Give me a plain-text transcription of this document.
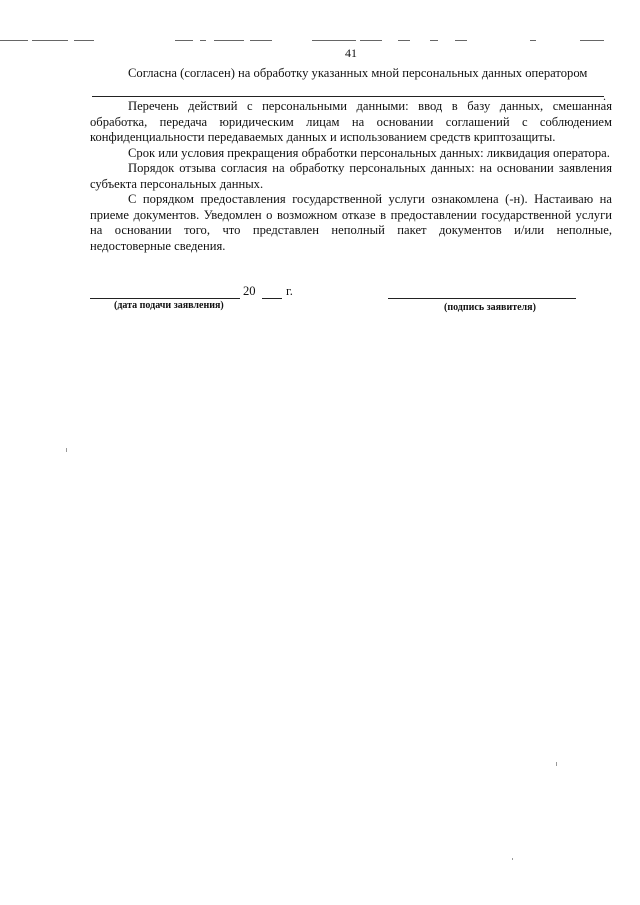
41
Согласна (согласен) на обработку указанных мной персональных данных оператором
.

Перечень действий с персональными данными: ввод в базу данных, смешанная обработка, передача юридическим лицам на основании соглашений с соблюдением конфиденциальности передаваемых данных и использованием средств криптозащиты.

Срок или условия прекращения обработки персональных данных: ликвидация оператора.

Порядок отзыва согласия на обработку персональных данных: на основании заявления субъекта персональных данных.

С порядком предоставления государственной услуги ознакомлена (-н). Настаиваю на приеме документов. Уведомлен о возможном отказе в предоставлении государственной услуги на основании того, что представлен неполный пакет документов и/или неполные, недостоверные сведения.

20 г.
(дата подачи заявления)	(подпись заявителя)
